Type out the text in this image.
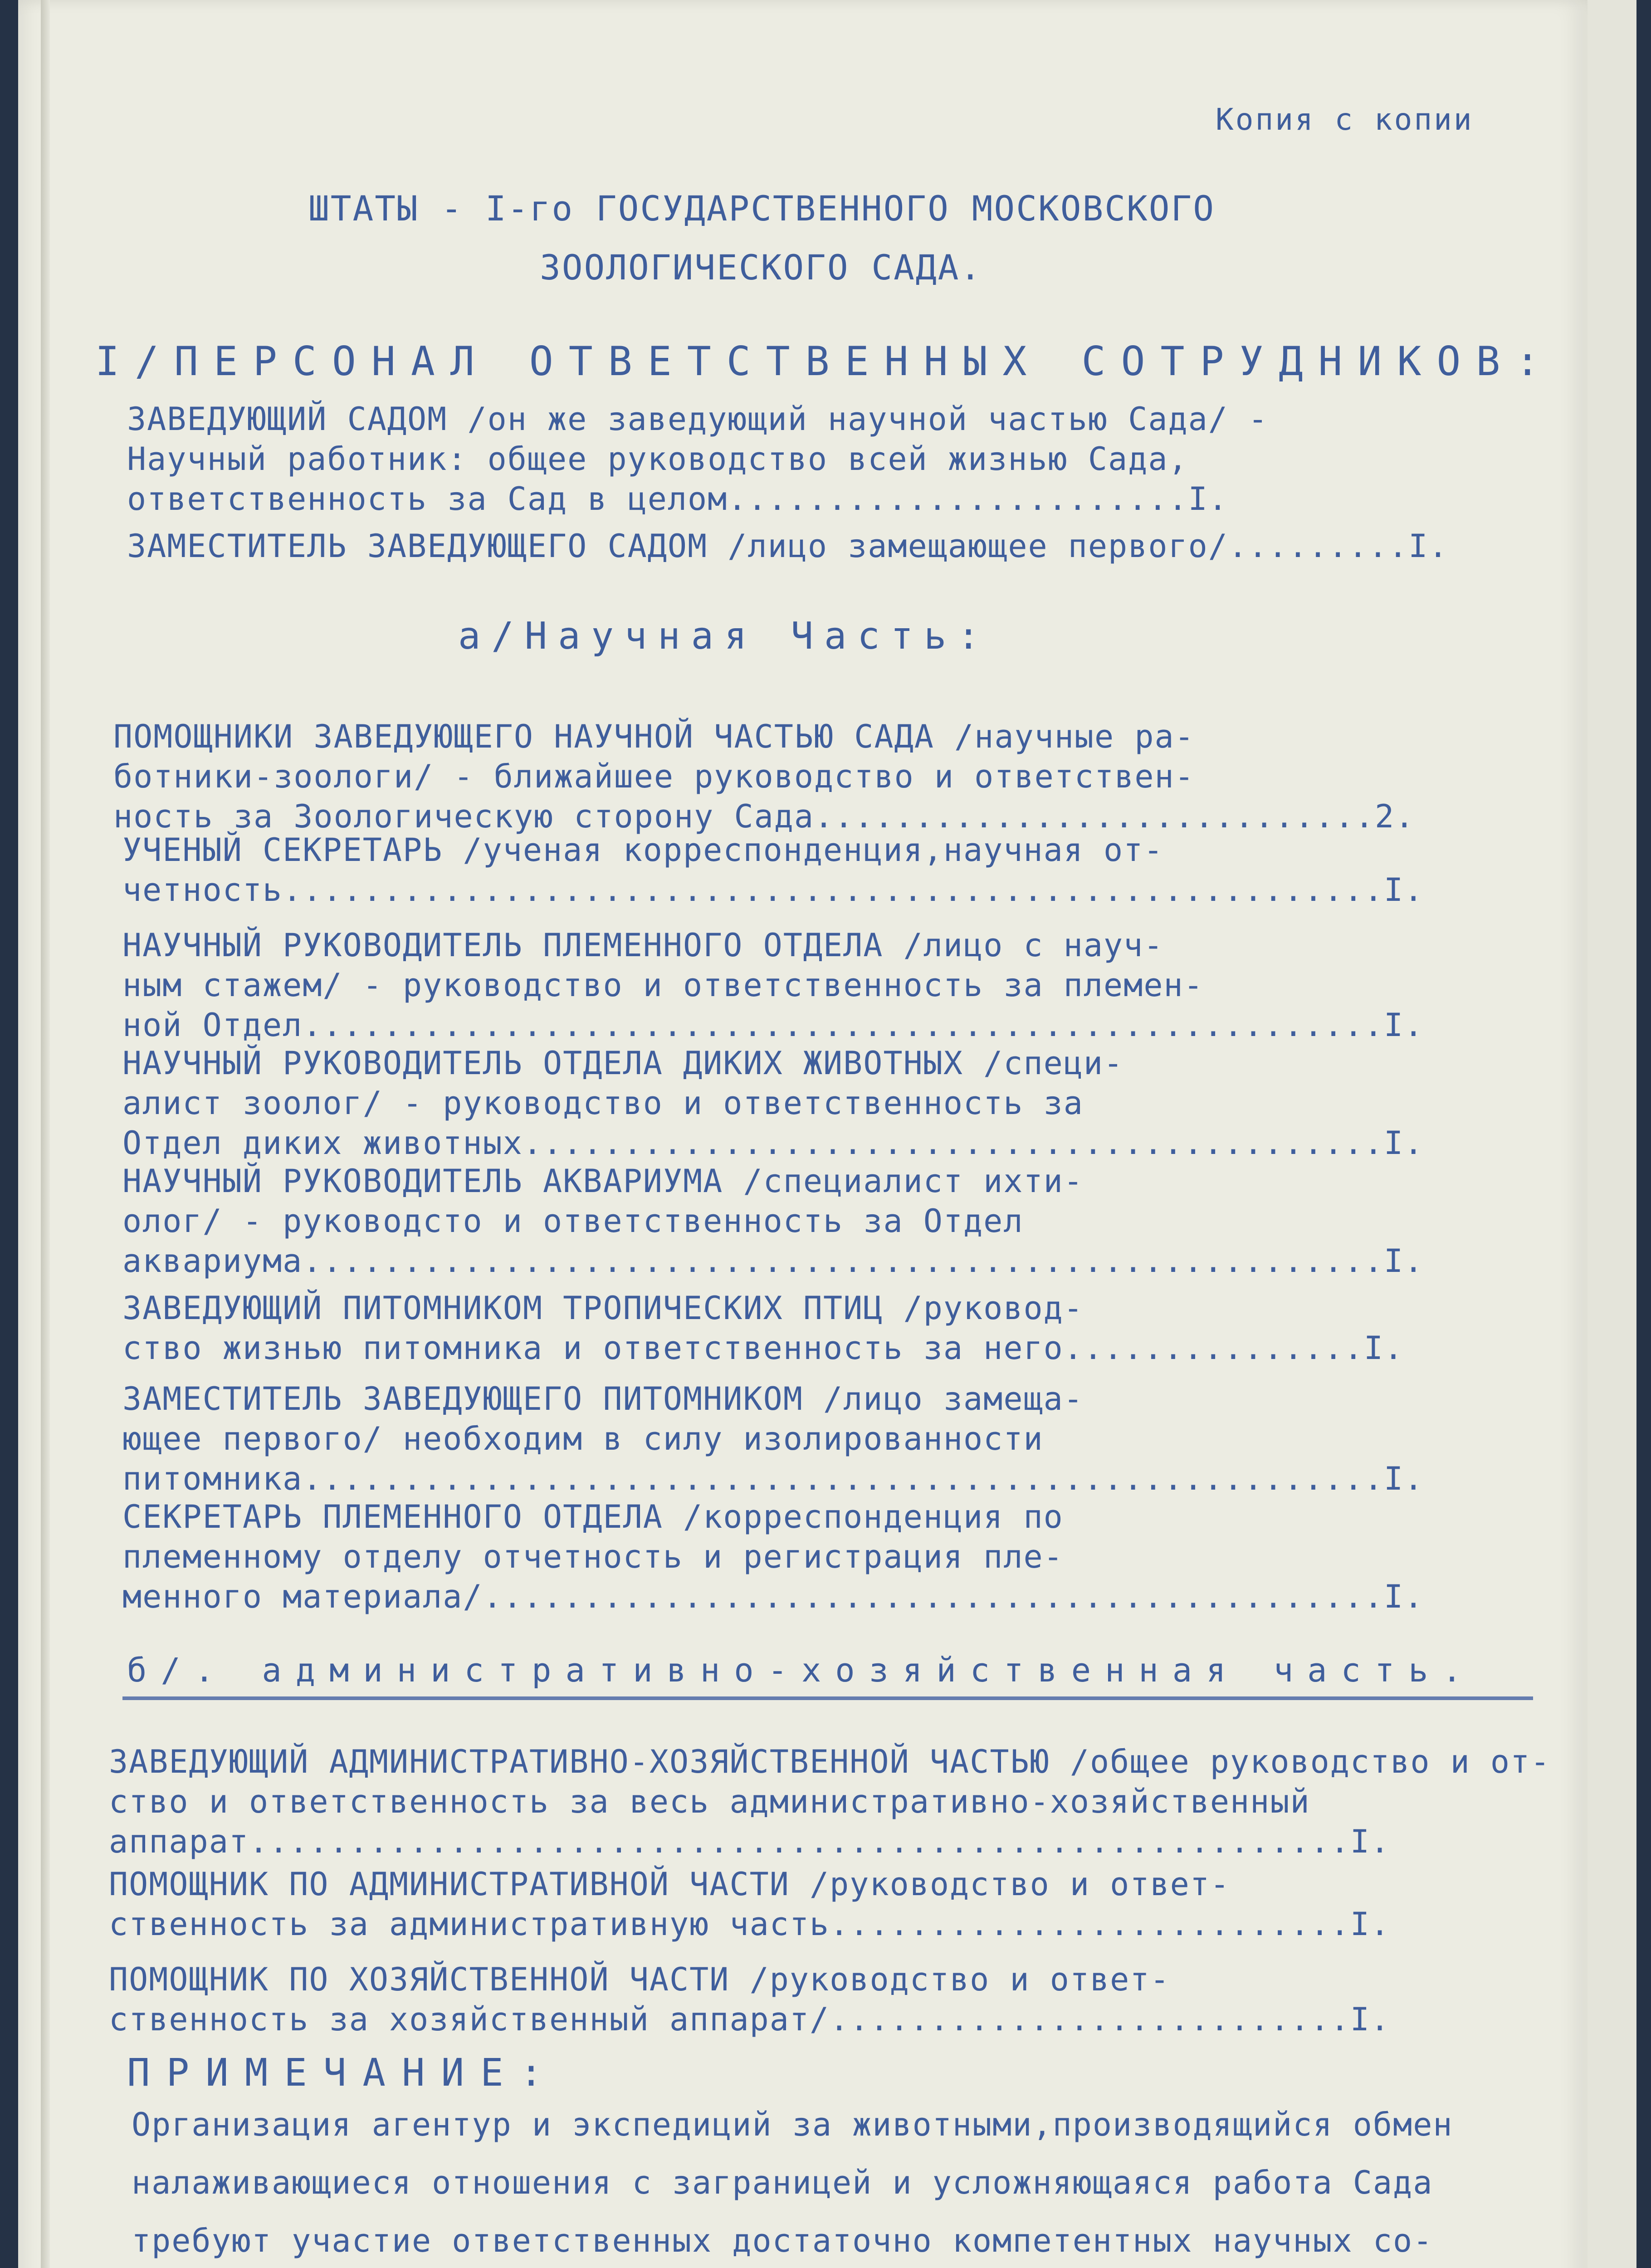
Копия с копии
ШТАТЫ - I-го ГОСУДАРСТВЕННОГО МОСКОВСКОГО
ЗООЛОГИЧЕСКОГО САДА.
I/ПЕРСОНАЛ ОТВЕТСТВЕННЫХ СОТРУДНИКОВ:
ЗАВЕДУЮЩИЙ САДОМ /он же заведующий научной частью Сада/ -
Научный работник: общее руководство всей жизнью Сада,
ответственность за Сад в целом.......................I.
ЗАМЕСТИТЕЛЬ ЗАВЕДУЮЩЕГО САДОМ /лицо замещающее первого/.........I.
а/Научная Часть:
ПОМОЩНИКИ ЗАВЕДУЮЩЕГО НАУЧНОЙ ЧАСТЬЮ САДА /научные ра-
ботники-зоологи/ - ближайшее руководство и ответствен-
ность за Зоологическую сторону Сада............................2.
УЧЕНЫЙ СЕКРЕТАРЬ /ученая корреспонденция,научная от-
четность.......................................................I.
НАУЧНЫЙ РУКОВОДИТЕЛЬ ПЛЕМЕННОГО ОТДЕЛА /лицо с науч-
ным стажем/ - руководство и ответственность за племен-
ной Отдел......................................................I.
НАУЧНЫЙ РУКОВОДИТЕЛЬ ОТДЕЛА ДИКИХ ЖИВОТНЫХ /специ-
алист зоолог/ - руководство и ответственность за
Отдел диких животных...........................................I.
НАУЧНЫЙ РУКОВОДИТЕЛЬ АКВАРИУМА /специалист ихти-
олог/ - руководсто и ответственность за Отдел
аквариума......................................................I.
ЗАВЕДУЮЩИЙ ПИТОМНИКОМ ТРОПИЧЕСКИХ ПТИЦ /руковод-
ство жизнью питомника и ответственность за него...............I.
ЗАМЕСТИТЕЛЬ ЗАВЕДУЮЩЕГО ПИТОМНИКОМ /лицо замеща-
ющее первого/ необходим в силу изолированности
питомника......................................................I.
СЕКРЕТАРЬ ПЛЕМЕННОГО ОТДЕЛА /корреспонденция по
племенному отделу отчетность и регистрация пле-
менного материала/.............................................I.
б/. административно-хозяйственная часть.
ЗАВЕДУЮЩИЙ АДМИНИСТРАТИВНО-ХОЗЯЙСТВЕННОЙ ЧАСТЬЮ /общее руководство и от-
ство и ответственность за весь административно-хозяйственный
аппарат.......................................................I.
ПОМОЩНИК ПО АДМИНИСТРАТИВНОЙ ЧАСТИ /руководство и ответ-
ственность за административную часть..........................I.
ПОМОЩНИК ПО ХОЗЯЙСТВЕННОЙ ЧАСТИ /руководство и ответ-
ственность за хозяйственный аппарат/..........................I.
ПРИМЕЧАНИЕ:
Организация агентур и экспедиций за животными,производящийся обмен
налаживающиеся отношения с заграницей и усложняющаяся работа Сада
требуют участие ответственных достаточно компетентных научных со-
